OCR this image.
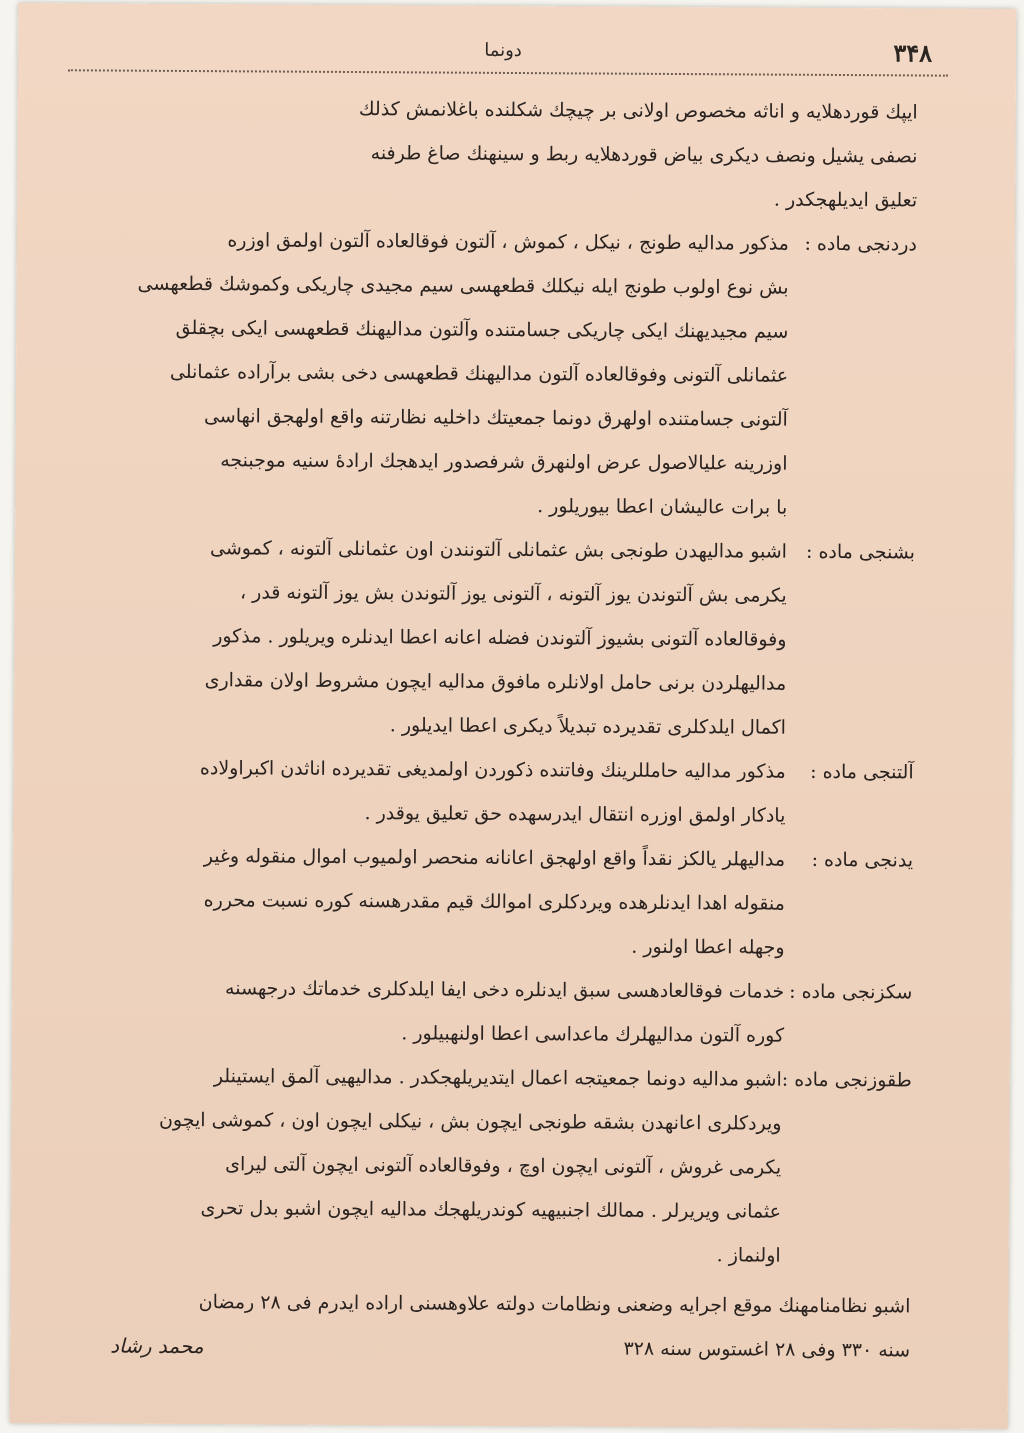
۳۴۸
دونما

ایپك قوردهلایه و اناثه مخصوص اولانی بر چیچك شكلنده باغلانمش كذلك

نصفی یشیل ونصف دیكری بیاض قوردهلایه ربط و سینهنك صاغ طرفنه

تعلیق ایدیلهجكدر .

دردنجی ماده :

مذكور مدالیه طونج ، نیكل ، كموش ، آلتون فوقالعاده آلتون اولمق اوزره

بش نوع اولوب طونج ایله نیكلك قطعهسی سیم مجیدی چاریكی وكموشك قطعهسی

سیم مجیدیهنك ایكی چاریكی جسامتنده وآلتون مدالیهنك قطعهسی ایكی بچقلق

عثمانلی آلتونی وفوقالعاده آلتون مدالیهنك قطعهسی دخی بشی برآراده عثمانلی

آلتونی جسامتنده اولهرق دونما جمعیتك داخلیه نظارتنه واقع اولهجق انهاسی

اوزرینه علیالاصول عرض اولنهرق شرفصدور ایدهجك ارادهٔ سنیه موجبنجه

با برات عالیشان اعطا بیوریلور .

بشنجی ماده :

اشبو مدالیهدن طونجی بش عثمانلی آلتونندن اون عثمانلی آلتونه ، كموشی

یكرمی بش آلتوندن یوز آلتونه ، آلتونی یوز آلتوندن بش یوز آلتونه قدر ،

وفوقالعاده آلتونی بشیوز آلتوندن فضله اعانه اعطا ایدنلره ویریلور . مذكور

مدالیهلردن برنی حامل اولانلره مافوق مدالیه ایچون مشروط اولان مقداری

اكمال ایلدكلری تقدیرده تبدیلاً دیكری اعطا ایدیلور .

آلتنجی ماده :

مذكور مدالیه حامللرینك وفاتنده ذكوردن اولمدیغی تقدیرده اناثدن اكبراولاده

یادكار اولمق اوزره انتقال ایدرسهده حق تعلیق یوقدر .

یدنجی ماده :

مدالیهلر یالكز نقداً واقع اولهجق اعانانه منحصر اولمیوب اموال منقوله وغیر

منقوله اهدا ایدنلرهده ویردكلری اموالك قیم مقدرهسنه كوره نسبت محرره

وجهله اعطا اولنور .

سكزنجی ماده :

خدمات فوقالعادهسی سبق ایدنلره دخی ایفا ایلدكلری خدماتك درجهسنه

كوره آلتون مدالیهلرك ماعداسی اعطا اولنهبیلور .

طقوزنجی ماده :

اشبو مدالیه دونما جمعیتجه اعمال ایتدیریلهجكدر . مدالیهیی آلمق ایستینلر

ویردكلری اعانهدن بشقه طونجی ایچون بش ، نیكلی ایچون اون ، كموشی ایچون

یكرمی غروش ، آلتونی ایچون اوچ ، وفوقالعاده آلتونی ایچون آلتی لیرای

عثمانی ویریرلر . ممالك اجنبیهیه كوندریلهجك مدالیه ایچون اشبو بدل تحری

اولنماز .

اشبو نظامنامهنك موقع اجرایه وضعنی ونظامات دولته علاوهسنی اراده ایدرم فی ۲۸ رمضان

سنه ۳۳۰ وفی ۲۸ اغستوس سنه ۳۲۸
محمد رشاد
